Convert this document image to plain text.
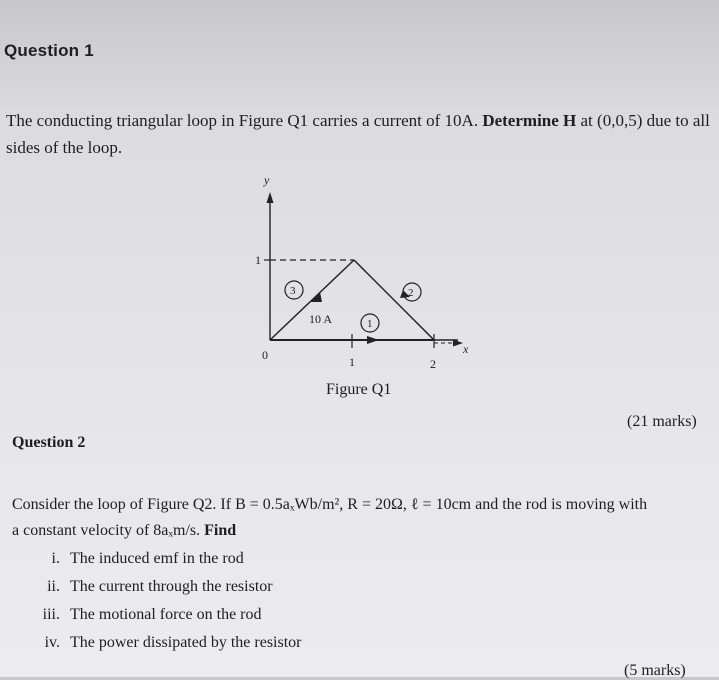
Question 1
The conducting triangular loop in Figure Q1 carries a current of 10A. Determine H at (0,0,5) due to all
sides of the loop.
y
x
1
0	1	2
10 A
3	2
1
Figure Q1
(21 marks)
Question 2
Consider the loop of Figure Q2. If B = 0.5aₓWb/m², R = 20Ω, ℓ = 10cm and the rod is moving with
a constant velocity of 8aₓm/s. Find
i. The induced emf in the rod
ii. The current through the resistor
iii. The motional force on the rod
iv. The power dissipated by the resistor
(5 marks)
